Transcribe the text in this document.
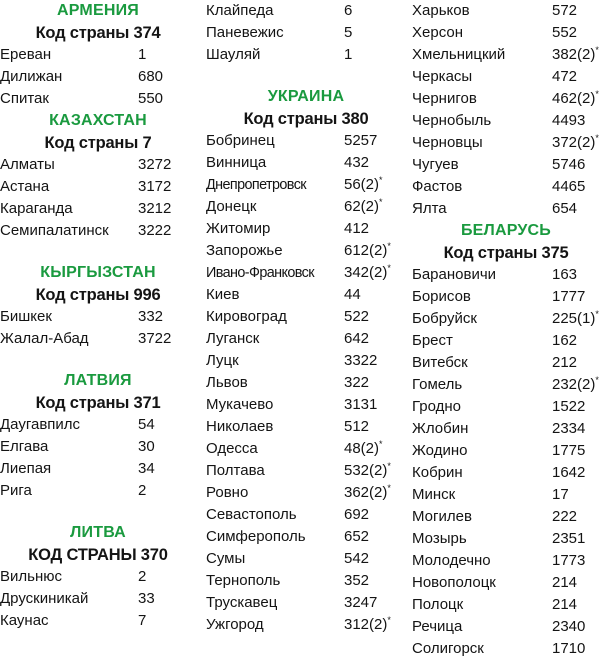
АРМЕНИЯ
Код страны 374
Ереван	1
Дилижан	680
Спитак	550
КАЗАХСТАН
Код страны 7
Алматы	3272
Астана	3172
Караганда	3212
Семипалатинск 3222
КЫРГЫЗСТАН
Код страны 996
Бишкек	332
Жалал-Абад	3722
ЛАТВИЯ
Код страны 371
Даугавпилс	54
Елгава	30
Лиепая	34
Рига	2
ЛИТВА
КОД СТРАНЫ 370
Вильнюс	2
Друскиникай	33
Каунас	7
Клайпеда	6
Паневежис	5
Шауляй	1
УКРАИНА
Код страны 380
Бобринец	5257
Винница	432
Днепропетровск	56(2)*
Донецк	62(2)*
Житомир	412
Запорожье	612(2)*
Ивано-Франковск 342(2)*
Киев	44
Кировоград	522
Луганск	642
Луцк	3322
Львов	322
Мукачево	3131
Николаев	512
Одесса	48(2)*
Полтава	532(2)*
Ровно	362(2)*
Севастополь	692
Симферополь	652
Сумы	542
Тернополь	352
Трускавец	3247
Ужгород	312(2)*
Харьков	572
Херсон	552
Хмельницкий	382(2)*
Черкасы	472
Чернигов	462(2)*
Чернобыль	4493
Черновцы	372(2)*
Чугуев	5746
Фастов	4465
Ялта	654
БЕЛАРУСЬ
Код страны 375
Барановичи	163
Борисов	1777
Бобруйск	225(1)*
Брест	162
Витебск	212
Гомель	232(2)*
Гродно	1522
Жлобин	2334
Жодино	1775
Кобрин	1642
Минск	17
Могилев	222
Мозырь	2351
Молодечно	1773
Новополоцк	214
Полоцк	214
Речица	2340
Солигорск	1710
